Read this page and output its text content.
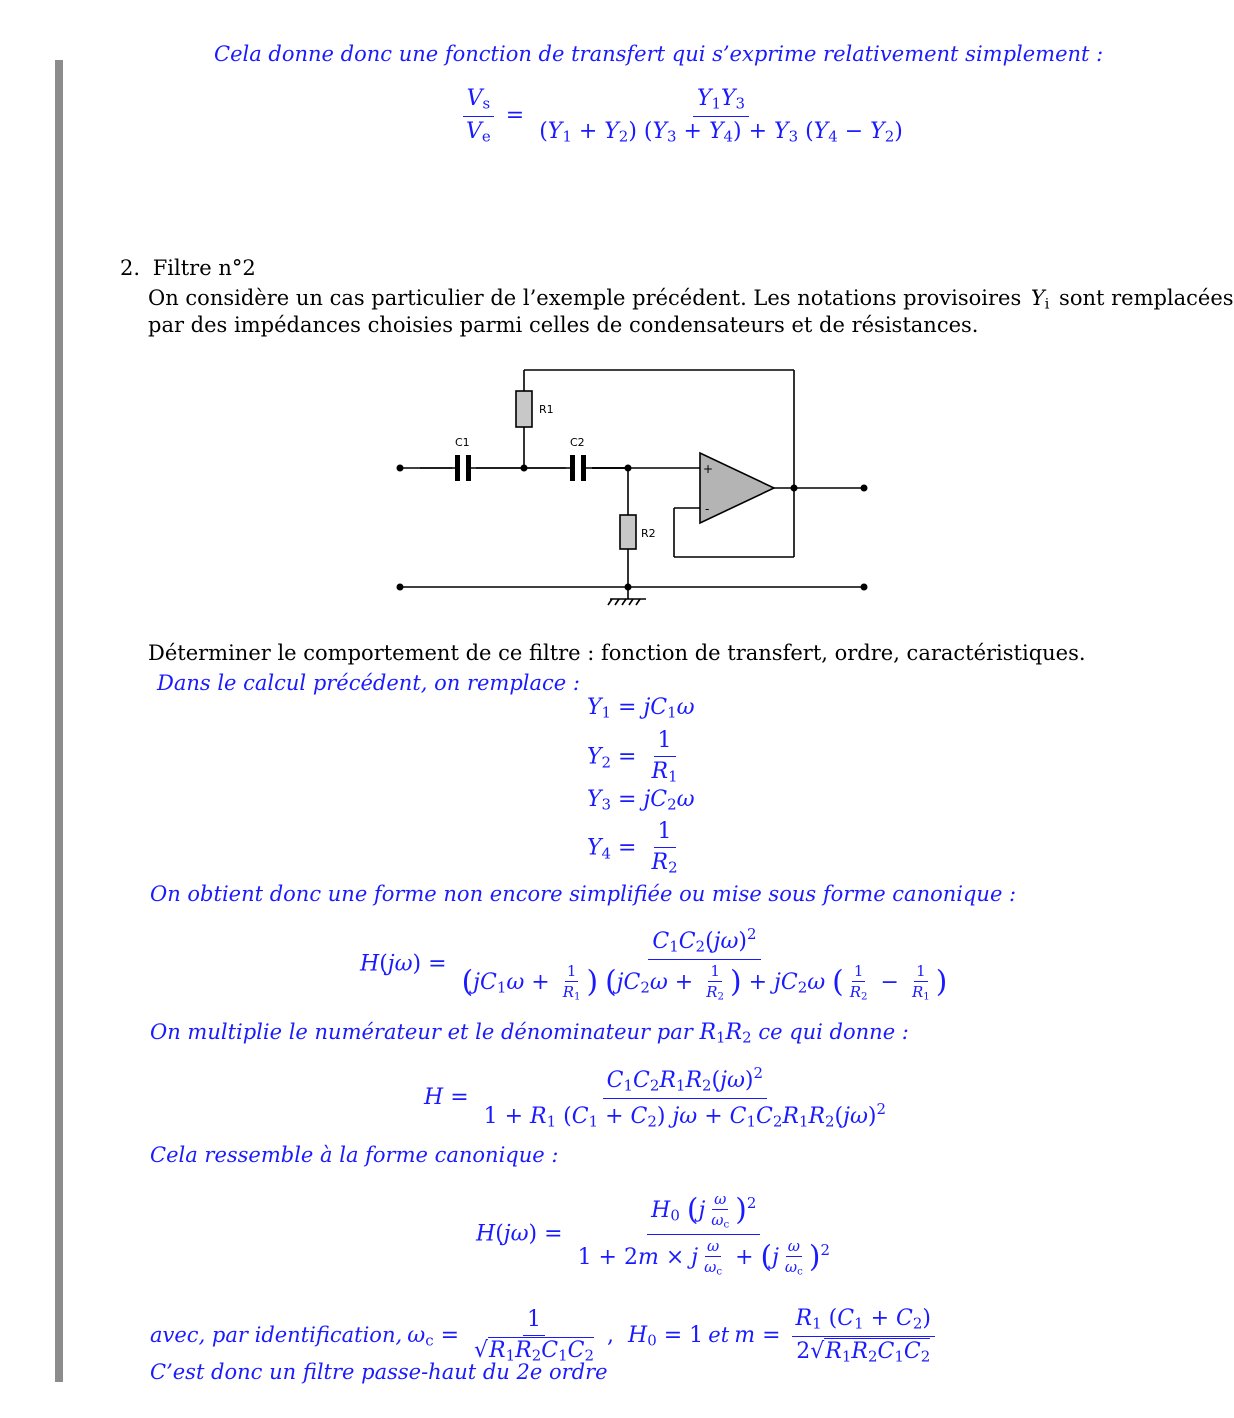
Cela donne donc une fonction de transfert qui s’exprime relativement simplement :
$\frac{V_s}{V_e} = \frac{Y_1Y_3}{(Y_1 + Y_2) (Y_3 + Y_4) + Y_3 (Y_4 - Y_2)}$
2. Filtre n°2
On considère un cas particulier de l’exemple précédent. Les notations provisoires $Y_i$ sont remplacées
par des impédances choisies parmi celles de condensateurs et de résistances.
+
-
R1
C1	C2
R2
Déterminer le comportement de ce filtre : fonction de transfert, ordre, caractéristiques.
Dans le calcul précédent, on remplace :
$Y_1 = jC_1\omega$
$Y_2 = \frac{1}{R_1}$
$Y_3 = jC_2\omega$
$Y_4 = \frac{1}{R_2}$
On obtient donc une forme non encore simplifiée ou mise sous forme canonique :
$H(j\omega) = \frac{C_1C_2(j\omega)^2}{(jC_1\omega + \frac{1}{R_1} ) (jC_2\omega + \frac{1}{R_2} ) + jC_2\omega ( \frac{1}{R_2} - \frac{1}{R_1} )}$
On multiplie le numérateur et le dénominateur par $R_1R_2$ ce qui donne :
$H = \frac{C_1C_2R_1R_2(j\omega)^2}{1 + R_1 (C_1 + C_2) j\omega + C_1C_2R_1R_2(j\omega)^2}$
Cela ressemble à la forme canonique :
$H(j\omega) = \frac{H_0 (j \frac{\omega}{\omega_c} )^2}{1 + 2m \times j \frac{\omega}{\omega_c} + (j \frac{\omega}{\omega_c} )^2}$
avec, par identification, $\omega_c = \frac{1}{√R_1R_2C_1C_2}$ ,  $H_0 = 1$ et $m = \frac{R_1 (C_1 + C_2)}{2√R_1R_2C_1C_2}$
C’est donc un filtre passe-haut du 2e ordre
